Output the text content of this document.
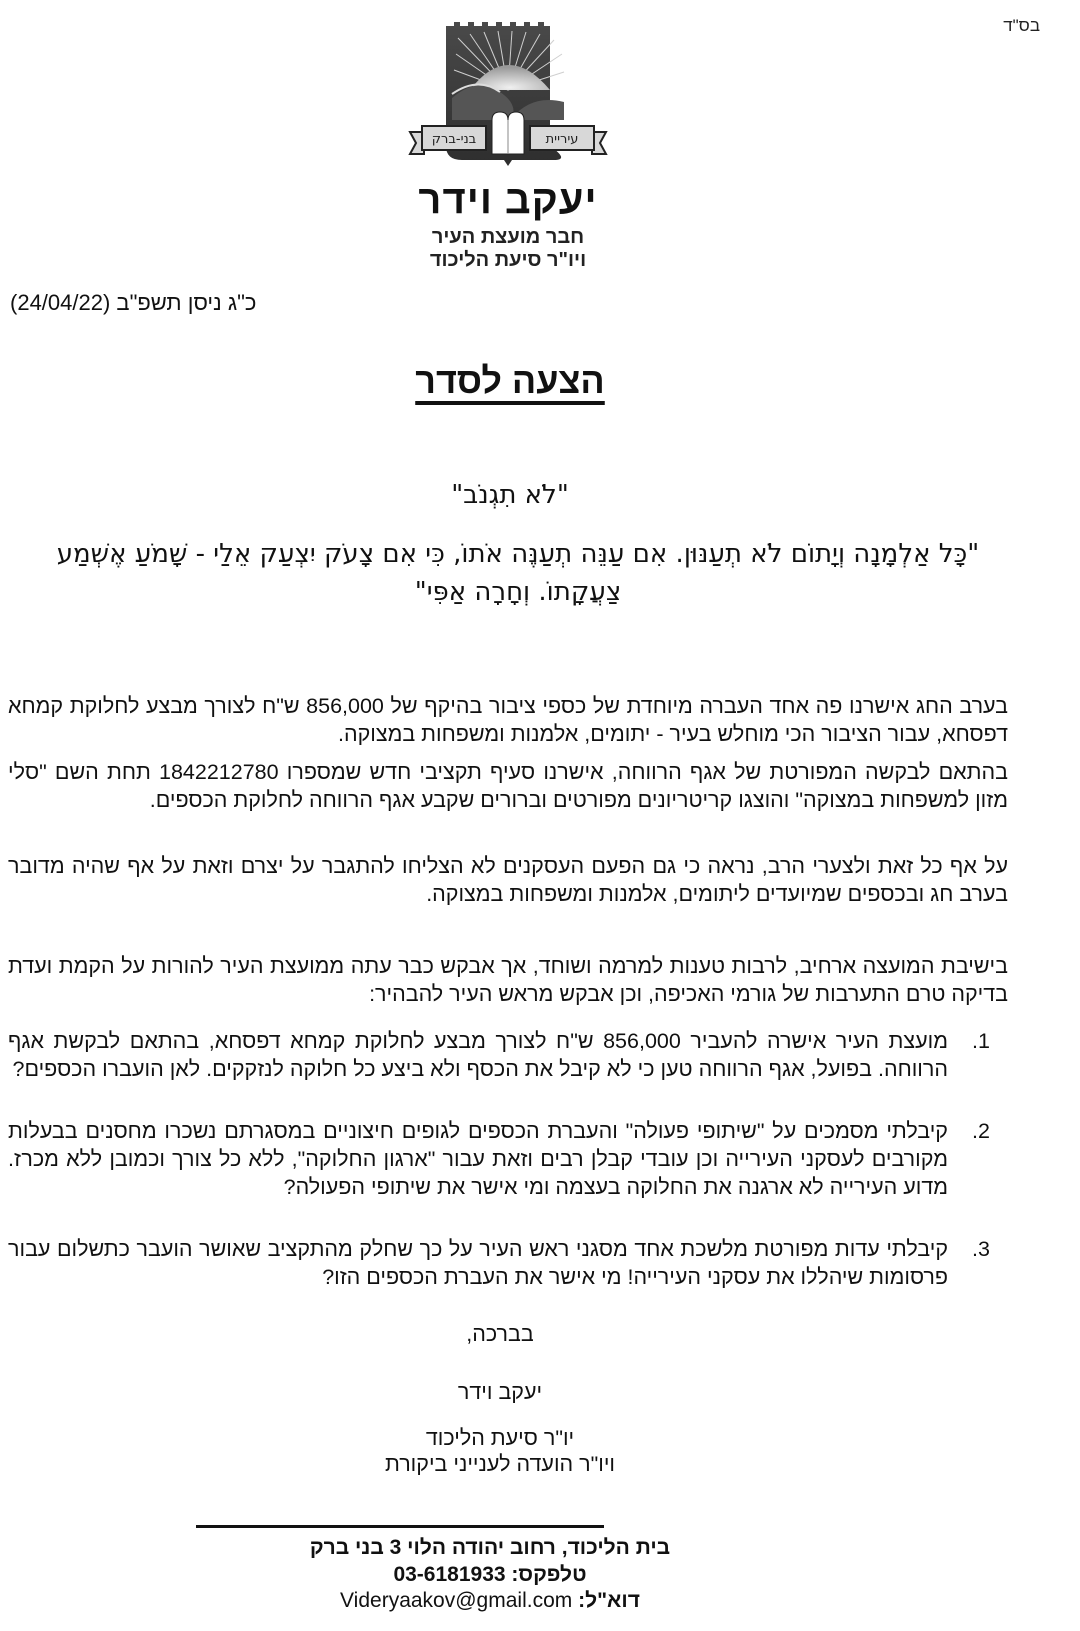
בס"ד
בני-ברק	עיריית
יעקב וידר
חבר מועצת העיר
ויו"ר סיעת הליכוד
כ"ג ניסן תשפ"ב (24/04/22)
הצעה לסדר
"לֹא תִגְנֹב"
"כָּל אַלְמָנָה וְיָתוֹם לֹא תְעַנּוּן. אִם עַנֵּה תְעַנֶּה אֹתוֹ, כִּי אִם צָעֹק יִצְעַק אֵלַי - שָׁמֹעַ אֶשְׁמַע צַעֲקָתוֹ. וְחָרָה אַפִּי"
בערב החג אישרנו פה אחד העברה מיוחדת של כספי ציבור בהיקף של 856,000 ש"ח לצורך מבצע לחלוקת קמחא דפסחא, עבור הציבור הכי מוחלש בעיר - יתומים, אלמנות ומשפחות במצוקה.
בהתאם לבקשה המפורטת של אגף הרווחה, אישרנו סעיף תקציבי חדש שמספרו 1842212780 תחת השם "סלי מזון למשפחות במצוקה" והוצגו קריטריונים מפורטים וברורים שקבע אגף הרווחה לחלוקת הכספים.
על אף כל זאת ולצערי הרב, נראה כי גם הפעם העסקנים לא הצליחו להתגבר על יצרם וזאת על אף שהיה מדובר בערב חג ובכספים שמיועדים ליתומים, אלמנות ומשפחות במצוקה.
בישיבת המועצה ארחיב, לרבות טענות למרמה ושוחד, אך אבקש כבר עתה ממועצת העיר להורות על הקמת ועדת בדיקה טרם התערבות של גורמי האכיפה, וכן אבקש מראש העיר להבהיר:
1.
מועצת העיר אישרה להעביר 856,000 ש"ח לצורך מבצע לחלוקת קמחא דפסחא, בהתאם לבקשת אגף הרווחה. בפועל, אגף הרווחה טען כי לא קיבל את הכסף ולא ביצע כל חלוקה לנזקקים. לאן הועברו הכספים?
2.
קיבלתי מסמכים על "שיתופי פעולה" והעברת הכספים לגופים חיצוניים במסגרתם נשכרו מחסנים בבעלות מקורבים לעסקני העירייה וכן עובדי קבלן רבים וזאת עבור "ארגון החלוקה", ללא כל צורך וכמובן ללא מכרז. מדוע העירייה לא ארגנה את החלוקה בעצמה ומי אישר את שיתופי הפעולה?
3.
קיבלתי עדות מפורטת מלשכת אחד מסגני ראש העיר על כך שחלק מהתקציב שאושר הועבר כתשלום עבור פרסומות שיהללו את עסקני העירייה! מי אישר את העברת הכספים הזו?
בברכה,
יעקב וידר
יו"ר סיעת הליכוד
ויו"ר הועדה לענייני ביקורת
בית הליכוד, רחוב יהודה הלוי 3 בני ברק
טלפקס: 03-6181933
דוא"ל: Videryaakov@gmail.com
